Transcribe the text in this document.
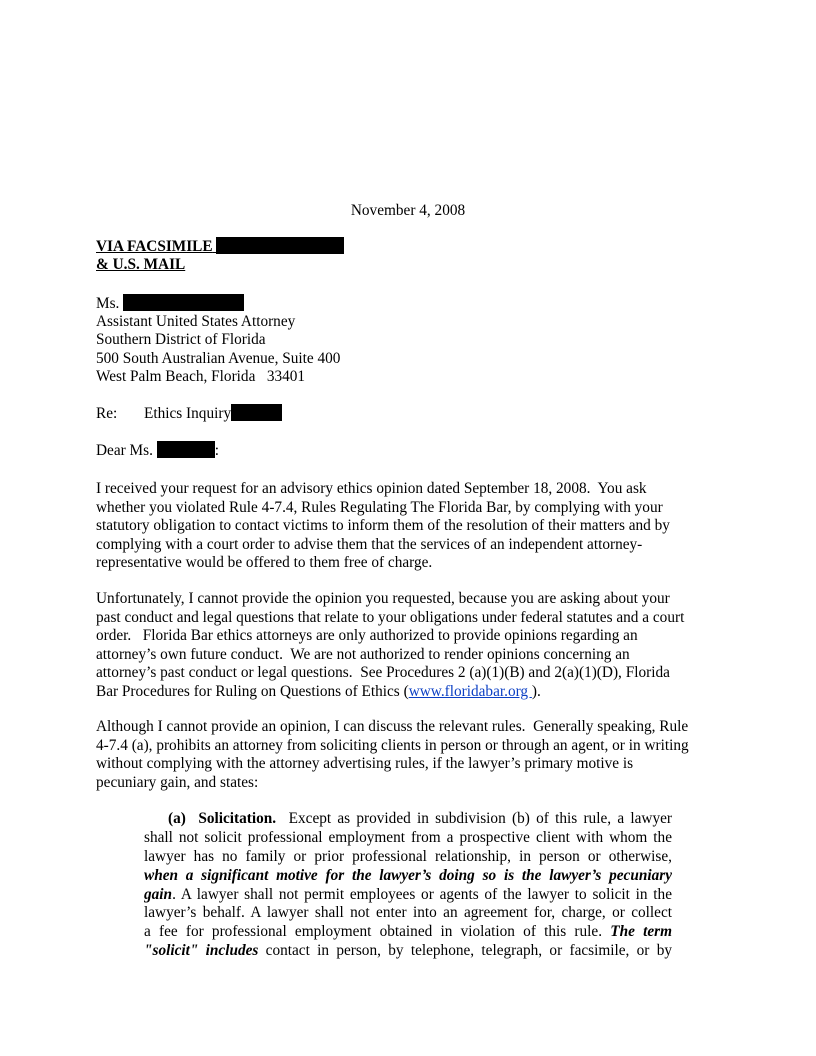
November 4, 2008
VIA FACSIMILE
& U.S. MAIL
Ms.
Assistant United States Attorney
Southern District of Florida
500 South Australian Avenue, Suite 400
West Palm Beach, Florida   33401
Re: Ethics Inquiry
Dear Ms.	:
I received your request for an advisory ethics opinion dated September 18, 2008.  You ask
whether you violated Rule 4-7.4, Rules Regulating The Florida Bar, by complying with your
statutory obligation to contact victims to inform them of the resolution of their matters and by
complying with a court order to advise them that the services of an independent attorney-
representative would be offered to them free of charge.
Unfortunately, I cannot provide the opinion you requested, because you are asking about your
past conduct and legal questions that relate to your obligations under federal statutes and a court
order.   Florida Bar ethics attorneys are only authorized to provide opinions regarding an
attorney’s own future conduct.  We are not authorized to render opinions concerning an
attorney’s past conduct or legal questions.  See Procedures 2 (a)(1)(B) and 2(a)(1)(D), Florida
Bar Procedures for Ruling on Questions of Ethics (www.floridabar.org ).
Although I cannot provide an opinion, I can discuss the relevant rules.  Generally speaking, Rule
4-7.4 (a), prohibits an attorney from soliciting clients in person or through an agent, or in writing
without complying with the attorney advertising rules, if the lawyer’s primary motive is
pecuniary gain, and states:
(a)  Solicitation. Except as provided in subdivision (b) of this rule, a lawyer
shall not solicit professional employment from a prospective client with whom the
lawyer has no family or prior professional relationship, in person or otherwise,
when a significant motive for the lawyer’s doing so is the lawyer’s pecuniary
gain. A lawyer shall not permit employees or agents of the lawyer to solicit in the
lawyer’s behalf. A lawyer shall not enter into an agreement for, charge, or collect
a fee for professional employment obtained in violation of this rule. The term
"solicit" includes contact in person, by telephone, telegraph, or facsimile, or by
